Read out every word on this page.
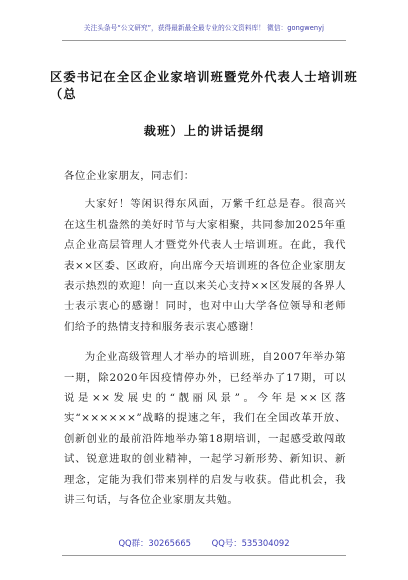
关注头条号“公文研究”，获得最新最全最专业的公文资料库！ 微信：gongwenyj
区委书记在全区企业家培训班暨党外代表人士培训班（总
裁班）上的讲话提纲

各位企业家朋友，同志们：

大家好！等闲识得东风面，万紫千红总是春。很高兴在这生机盎然的美好时节与大家相聚，共同参加2025年重点企业高层管理人才暨党外代表人士培训班。在此，我代表××区委、区政府，向出席今天培训班的各位企业家朋友表示热烈的欢迎！向一直以来关心支持××区发展的各界人士表示衷心的感谢！同时，也对中山大学各位领导和老师们给予的热情支持和服务表示衷心感谢！

为企业高级管理人才举办的培训班，自2007年举办第一期，除2020年因疫情停办外，已经举办了17期，可以说是××发展史的“靓丽风景”。今年是××区落实“××××××”战略的提速之年，我们在全国改革开放、创新创业的最前沿阵地举办第18期培训，一起感受敢闯敢试、锐意进取的创业精神，一起学习新形势、新知识、新理念，定能为我们带来别样的启发与收获。借此机会，我讲三句话，与各位企业家朋友共勉。

QQ群：30265665 QQ号：535304092
